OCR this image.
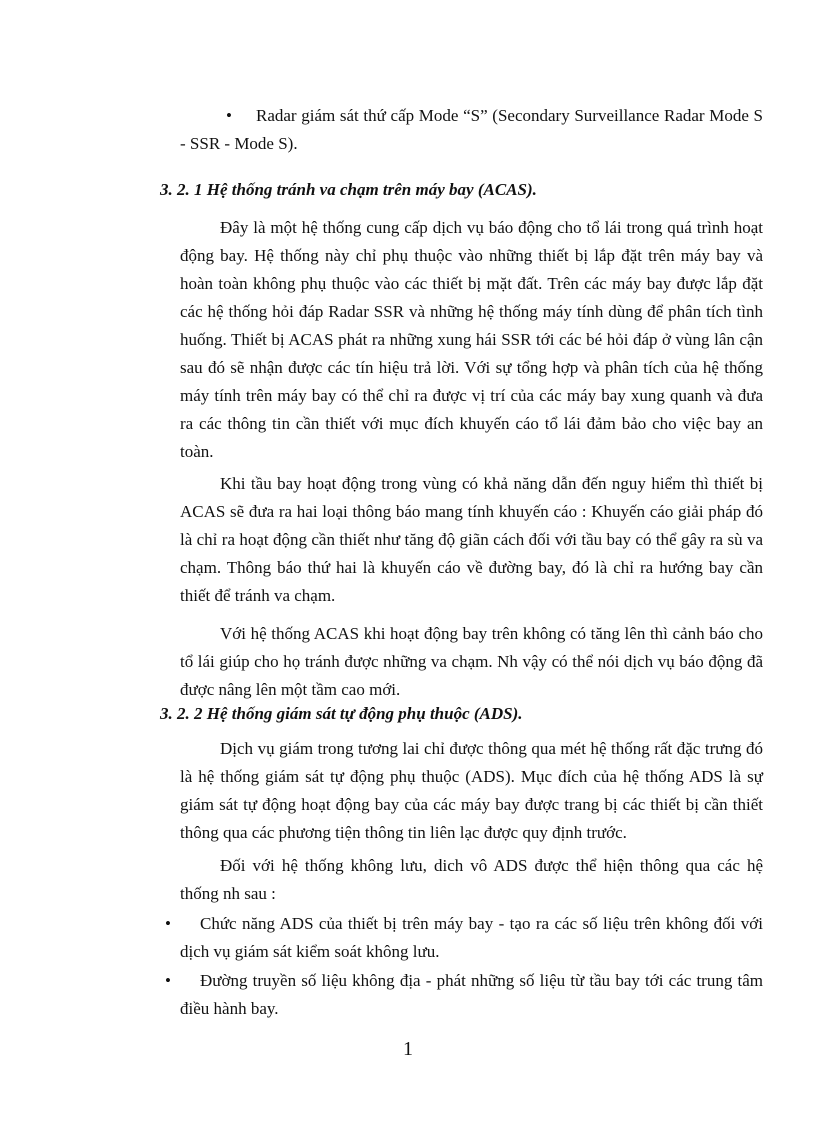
•	Radar giám sát thứ cấp Mode “S” (Secondary Surveillance Radar Mode S - SSR - Mode S).
3. 2. 1 Hệ thống tránh va chạm trên máy bay (ACAS).
Đây là một hệ thống cung cấp dịch vụ báo động cho tổ lái trong quá trình hoạt động bay. Hệ thống này chỉ phụ thuộc vào những thiết bị lắp đặt trên máy bay và hoàn toàn không phụ thuộc vào các thiết bị mặt đất. Trên các máy bay được lắp đặt các hệ thống hỏi đáp Radar SSR và những hệ thống máy tính dùng để phân tích tình huống. Thiết bị ACAS phát ra những xung hái SSR tới các bé hỏi đáp ở vùng lân cận sau đó sẽ nhận được các tín hiệu trả lời. Với sự tổng hợp và phân tích của hệ thống máy tính trên máy bay có thể chỉ ra được vị trí của các máy bay xung quanh và đưa ra các thông tin cần thiết với mục đích khuyến cáo tổ lái đảm bảo cho việc bay an toàn.
Khi tầu bay hoạt động trong vùng có khả năng dẫn đến nguy hiểm thì thiết bị ACAS sẽ đưa ra hai loại thông báo mang tính khuyến cáo : Khuyến cáo giải pháp đó là chỉ ra hoạt động cần thiết như tăng độ giãn cách đối với tầu bay có thể gây ra sù va chạm. Thông báo thứ hai là khuyến cáo về đường bay, đó là chỉ ra hướng bay cần thiết để tránh va chạm.
Với hệ thống ACAS khi hoạt động bay trên không có tăng lên thì cảnh báo cho tổ lái giúp cho họ tránh được những va chạm. Nh vậy có thể nói dịch vụ báo động đã được nâng lên một tầm cao mới.
3. 2. 2 Hệ thống giám sát tự động phụ thuộc (ADS).
Dịch vụ giám trong tương lai chỉ được thông qua mét hệ thống rất đặc trưng đó là hệ thống giám sát tự động phụ thuộc (ADS). Mục đích của hệ thống ADS là sự giám sát tự động hoạt động bay của các máy bay được trang bị các thiết bị cần thiết thông qua các phương tiện thông tin liên lạc được quy định trước.
Đối với hệ thống không lưu, dich vô ADS được thể hiện thông qua các hệ thống nh sau :
•	Chức năng ADS của thiết bị trên máy bay - tạo ra các số liệu trên không đối với dịch vụ giám sát kiểm soát không lưu.
•	Đường truyền số liệu không địa - phát những số liệu từ tầu bay tới các trung tâm điều hành bay.
1
